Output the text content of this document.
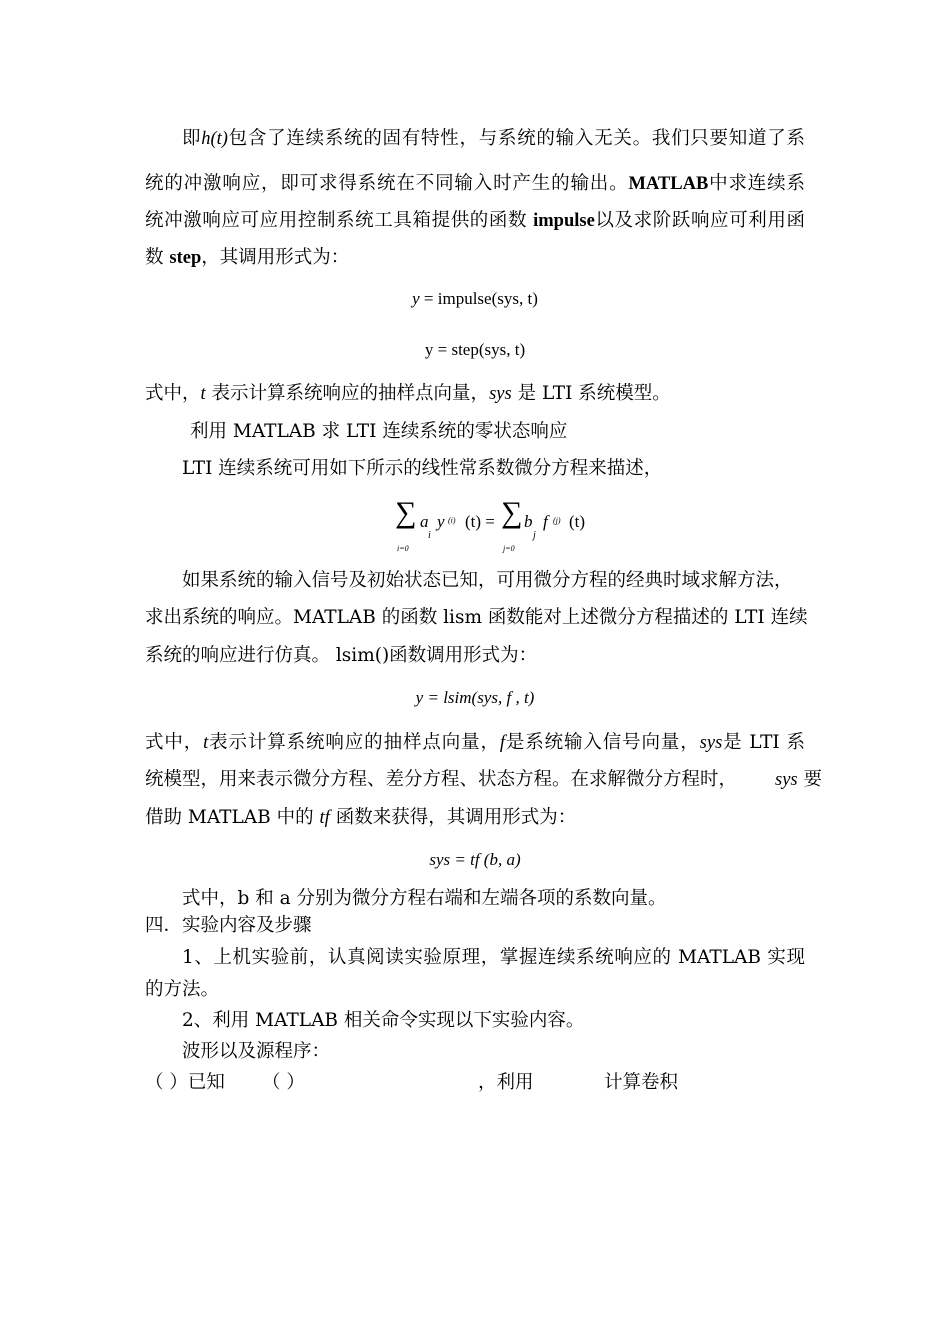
即h(t)包含了连续系统的固有特性，与系统的输入无关。我们只要知道了系
统的冲激响应，即可求得系统在不同输入时产生的输出。MATLAB中求连续系
统冲激响应可应用控制系统工具箱提供的函数 impulse以及求阶跃响应可利用函
数 step，其调用形式为：
y = impulse(sys, t)
y = step(sys, t)
式中，t 表示计算系统响应的抽样点向量，sys 是 LTI 系统模型。
利用 MATLAB 求 LTI 连续系统的零状态响应
LTI 连续系统可用如下所示的线性常系数微分方程来描述，
∑ a
i
y (i) (t) = ∑ b
j
f (j) (t)
i=0	j=0
如果系统的输入信号及初始状态已知，可用微分方程的经典时域求解方法，
求出系统的响应。MATLAB 的函数 lism 函数能对上述微分方程描述的 LTI 连续
系统的响应进行仿真。 lsim()函数调用形式为：
y = lsim(sys, f , t)
式中，t表示计算系统响应的抽样点向量，f是系统输入信号向量，sys是 LTI 系
统模型，用来表示微分方程、差分方程、状态方程。在求解微分方程时， sys 要
借助 MATLAB 中的 tf 函数来获得，其调用形式为：
sys = tf (b, a)
式中，b 和 a 分别为微分方程右端和左端各项的系数向量。
四．实验内容及步骤
1、上机实验前，认真阅读实验原理，掌握连续系统响应的 MATLAB 实现
的方法。
2、利用 MATLAB 相关命令实现以下实验内容。
波形以及源程序：
（ ）已知 （ ）	，利用	计算卷积
